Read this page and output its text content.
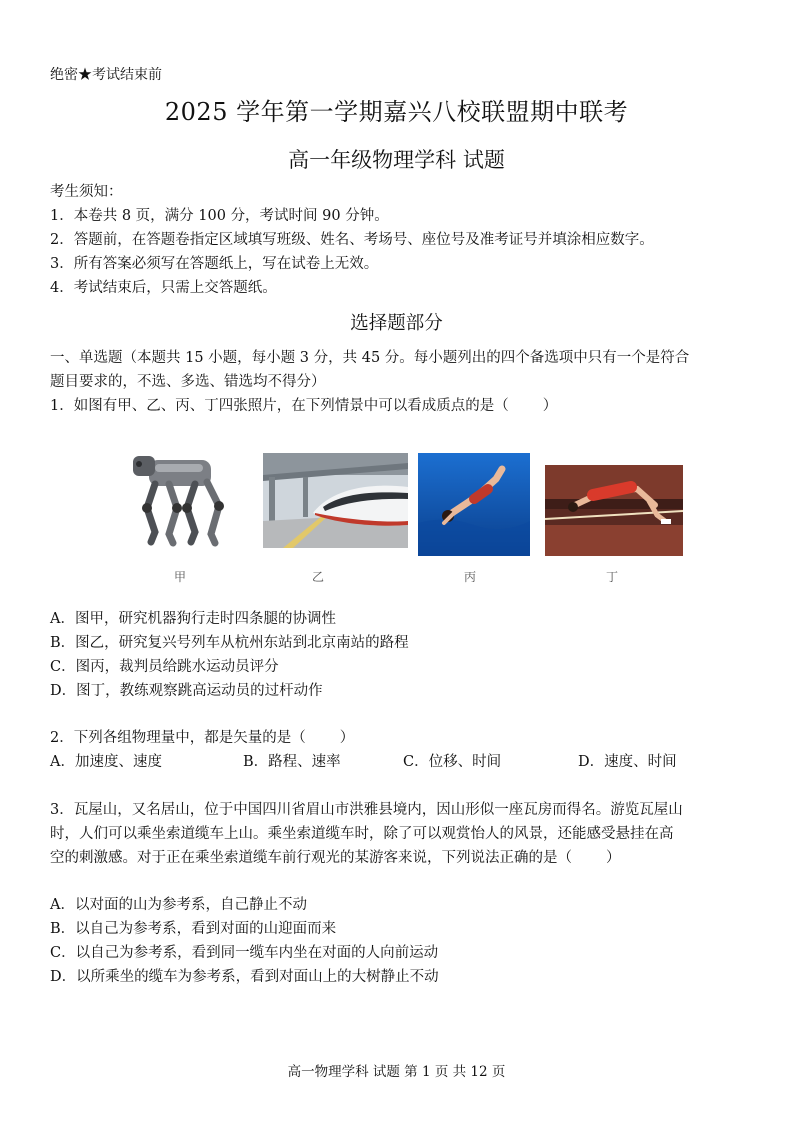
绝密★考试结束前
2025 学年第一学期嘉兴八校联盟期中联考
高一年级物理学科 试题
考生须知：
1．本卷共 8 页，满分 100 分，考试时间 90 分钟。
2．答题前，在答题卷指定区域填写班级、姓名、考场号、座位号及准考证号并填涂相应数字。
3．所有答案必须写在答题纸上，写在试卷上无效。
4．考试结束后，只需上交答题纸。
选择题部分
一、单选题（本题共 15 小题，每小题 3 分，共 45 分。每小题列出的四个备选项中只有一个是符合
题目要求的，不选、多选、错选均不得分）
1．如图有甲、乙、丙、丁四张照片，在下列情景中可以看成质点的是（ ）
甲	乙	丙	丁
A．图甲，研究机器狗行走时四条腿的协调性
B．图乙，研究复兴号列车从杭州东站到北京南站的路程
C．图丙，裁判员给跳水运动员评分
D．图丁，教练观察跳高运动员的过杆动作
2．下列各组物理量中，都是矢量的是（ ）
A．加速度、速度	B．路程、速率	C．位移、时间	D．速度、时间
3．瓦屋山，又名居山，位于中国四川省眉山市洪雅县境内，因山形似一座瓦房而得名。游览瓦屋山
时，人们可以乘坐索道缆车上山。乘坐索道缆车时，除了可以观赏怡人的风景，还能感受悬挂在高
空的刺激感。对于正在乘坐索道缆车前行观光的某游客来说，下列说法正确的是（ ）
A．以对面的山为参考系，自己静止不动
B．以自己为参考系，看到对面的山迎面而来
C．以自己为参考系，看到同一缆车内坐在对面的人向前运动
D．以所乘坐的缆车为参考系，看到对面山上的大树静止不动
高一物理学科 试题 第 1 页 共 12 页
